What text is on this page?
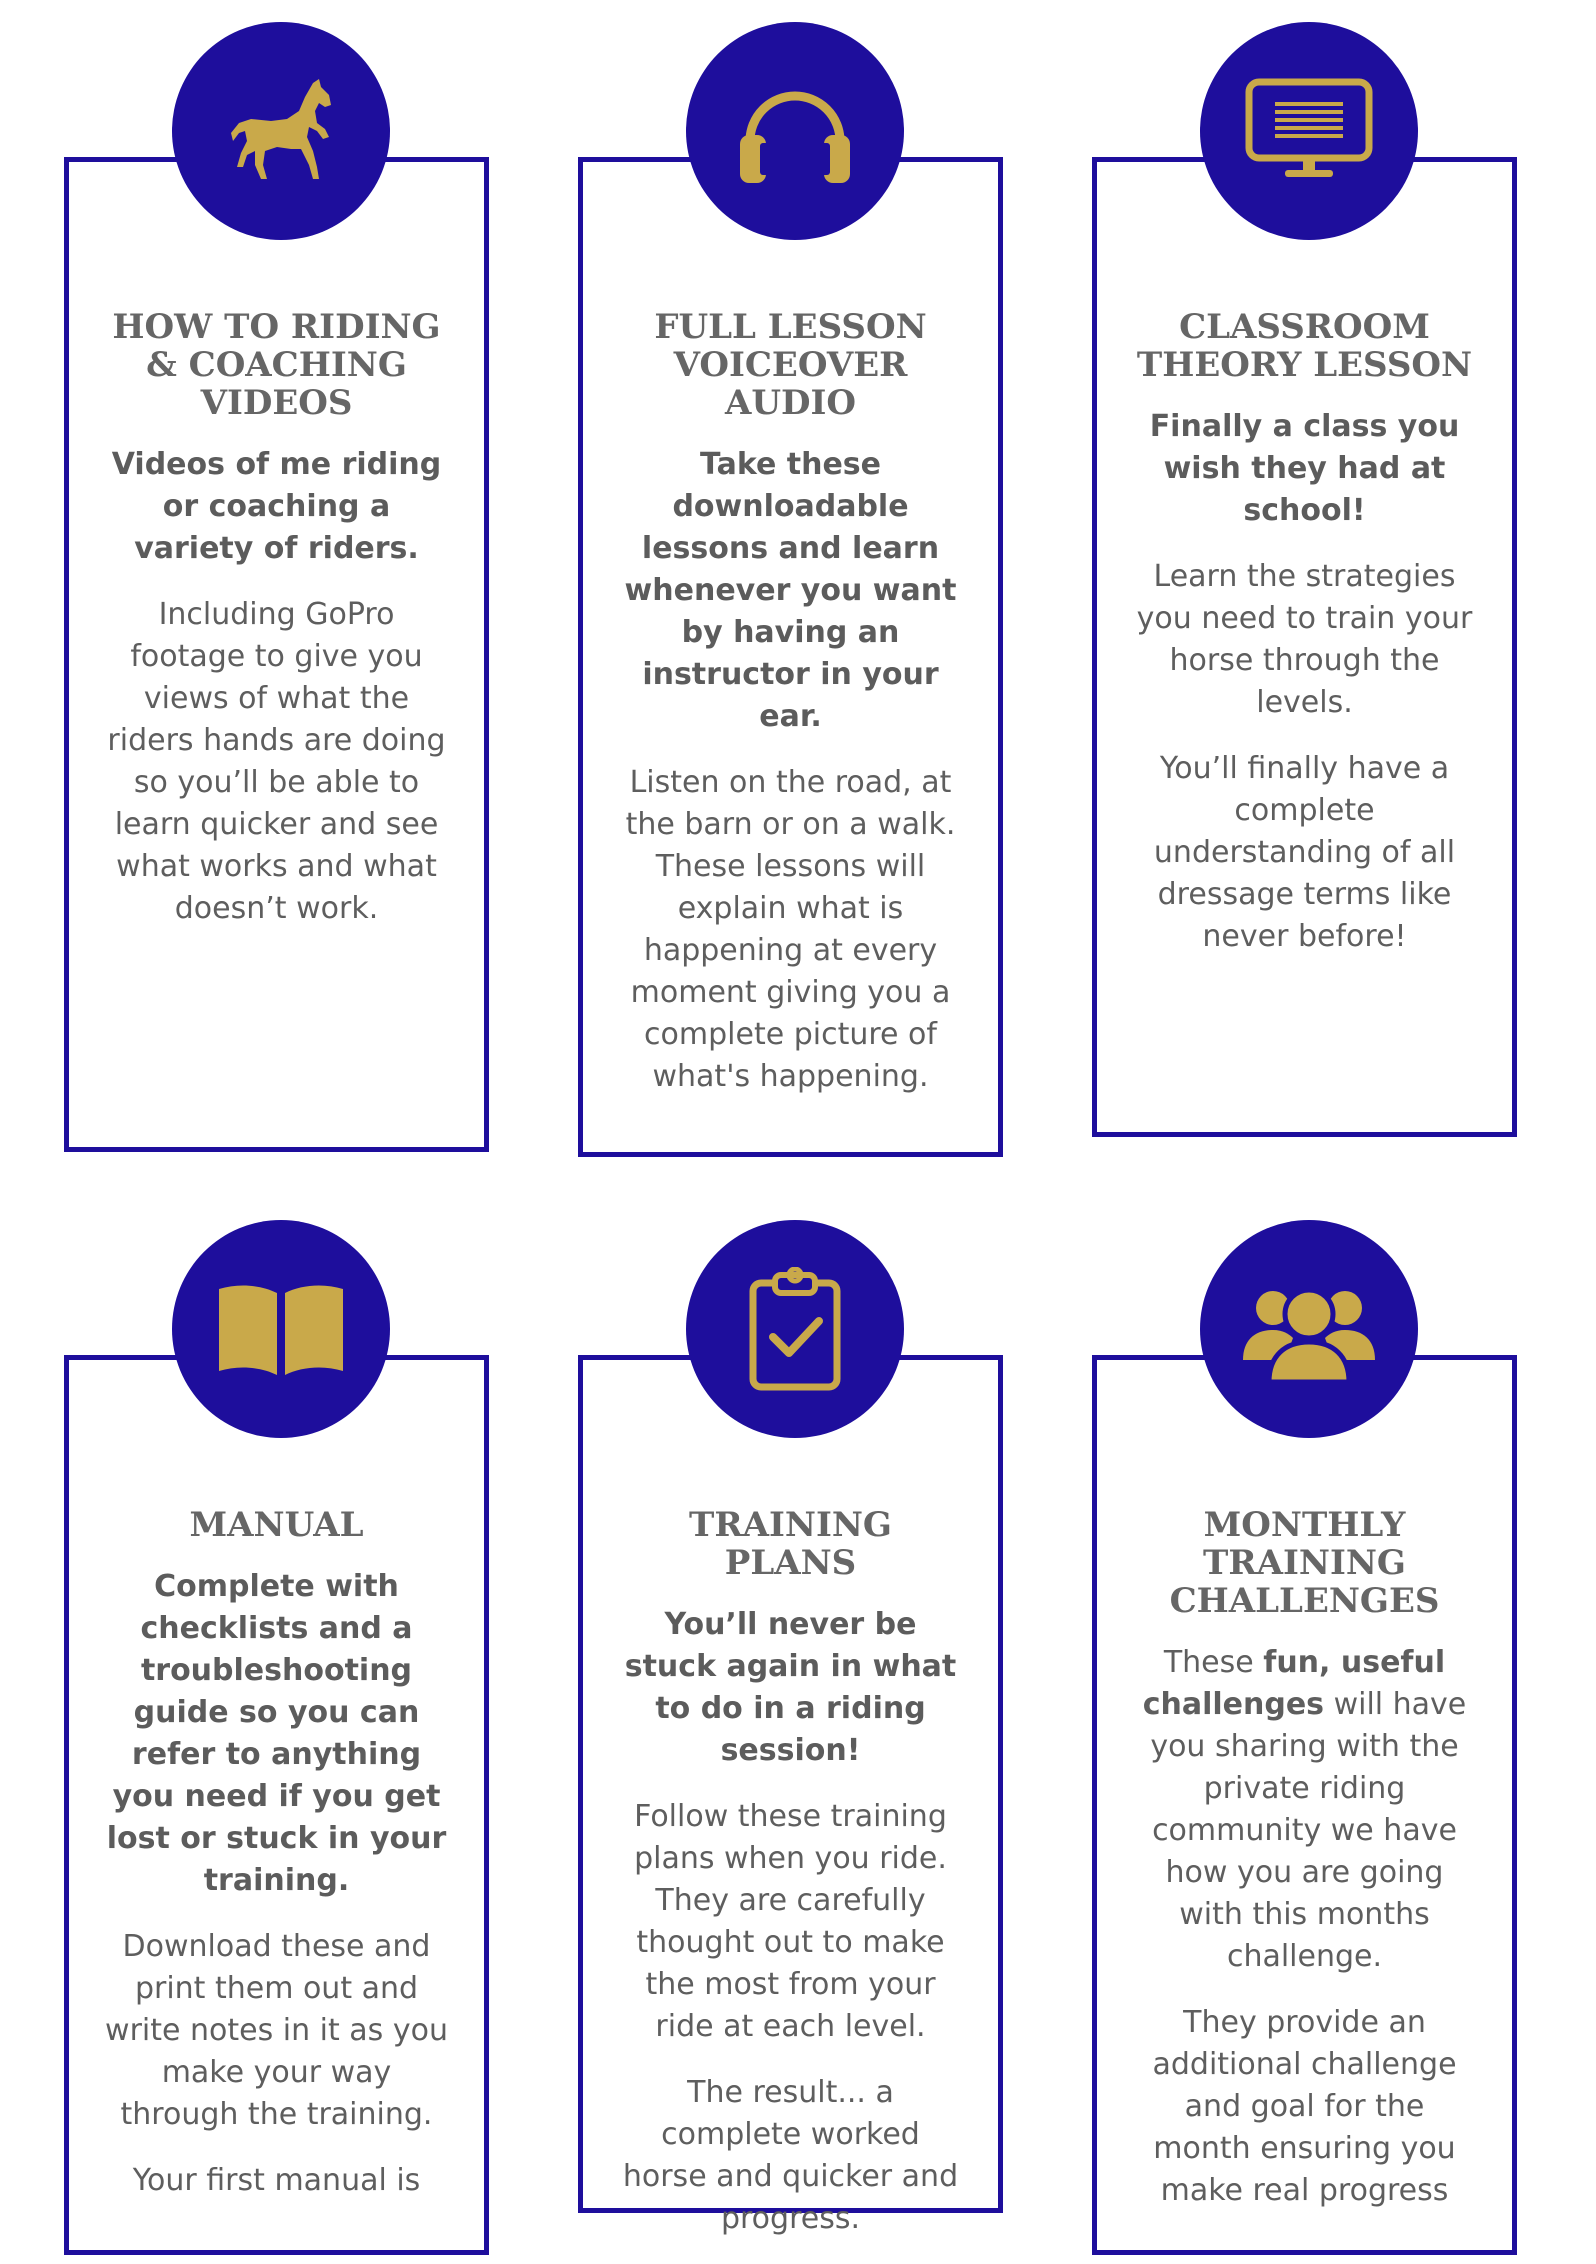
HOW TO RIDING & COACHING VIDEOS
Videos of me riding or coaching a variety of riders.
Including GoPro footage to give you views of what the riders hands are doing so you’ll be able to learn quicker and see what works and what doesn’t work.
FULL LESSON VOICEOVER AUDIO
Take these downloadable lessons and learn whenever you want by having an instructor in your ear.
Listen on the road, at the barn or on a walk. These lessons will explain what is happening at every moment giving you a complete picture of what's happening.
CLASSROOM THEORY LESSON
Finally a class you wish they had at school!
Learn the strategies you need to train your horse through the levels.
You’ll finally have a complete understanding of all dressage terms like never before!
MANUAL
Complete with checklists and a troubleshooting guide so you can refer to anything you need if you get lost or stuck in your training.
Download these and print them out and write notes in it as you make your way through the training.
Your first manual is
TRAINING PLANS
You’ll never be stuck again in what to do in a riding session!
Follow these training plans when you ride. They are carefully thought out to make the most from your ride at each level.
The result... a complete worked horse and quicker and progress.
MONTHLY TRAINING CHALLENGES
These fun, useful challenges will have you sharing with the private riding community we have how you are going with this months challenge.
They provide an additional challenge and goal for the month ensuring you make real progress
